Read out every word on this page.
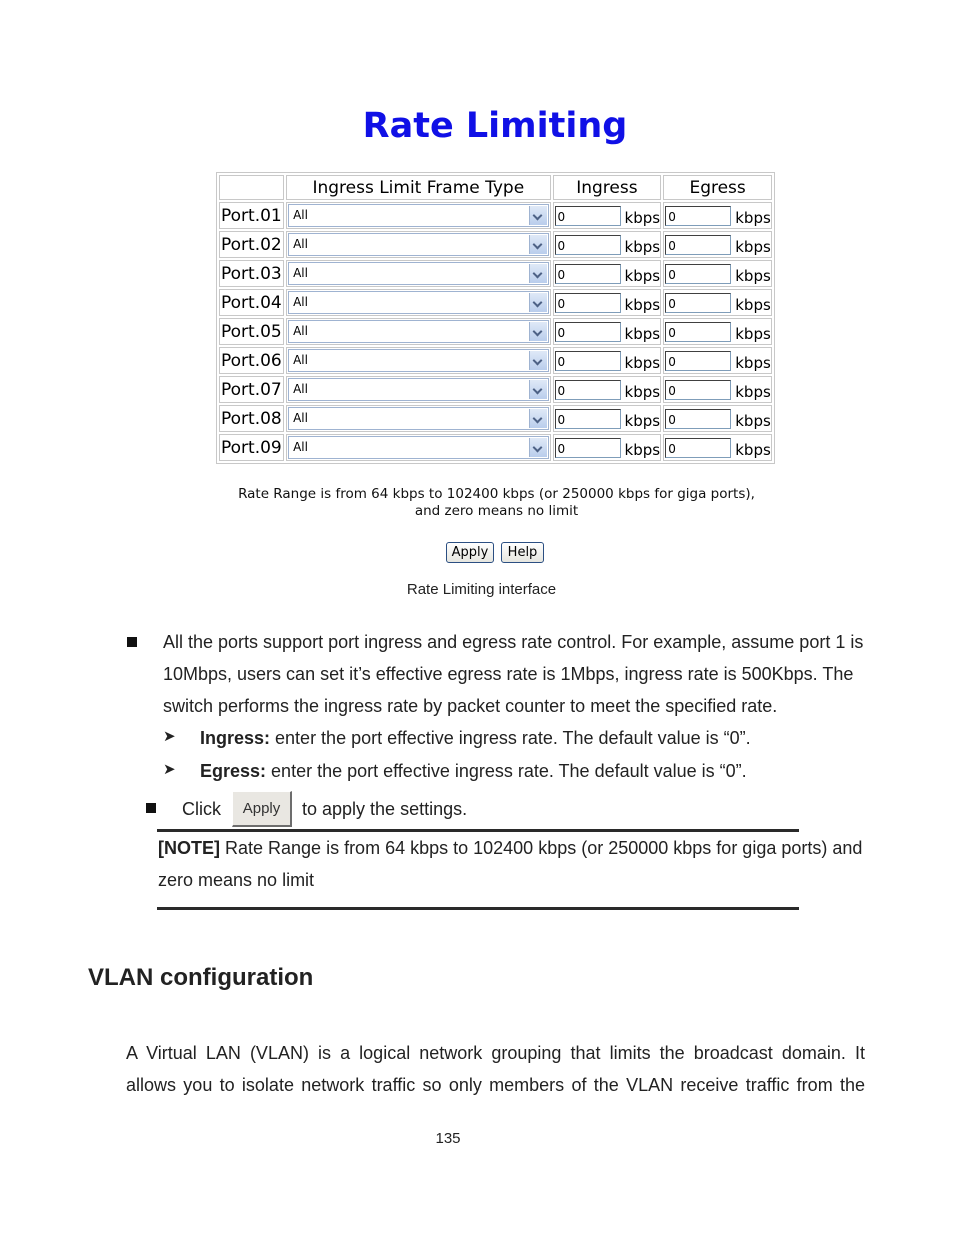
Rate Limiting
	Ingress Limit Frame Type	Ingress	Egress
Port.01	All	0 kbps	0 kbps

Port.02	All	0 kbps	0 kbps

Port.03	All	0 kbps	0 kbps

Port.04	All	0 kbps	0 kbps

Port.05	All	0 kbps	0 kbps

Port.06	All	0 kbps	0 kbps

Port.07	All	0 kbps	0 kbps

Port.08	All	0 kbps	0 kbps

Port.09	All	0 kbps	0 kbps
Rate Range is from 64 kbps to 102400 kbps (or 250000 kbps for giga ports),
and zero means no limit
Apply	Help
Rate Limiting interface
All the ports support port ingress and egress rate control. For example, assume port 1 is 10Mbps, users can set it’s effective egress rate is 1Mbps, ingress rate is 500Kbps. The switch performs the ingress rate by packet counter to meet the specified rate.
➤ Ingress: enter the port effective ingress rate. The default value is “0”.
➤ Egress: enter the port effective ingress rate. The default value is “0”.
Click	Apply	to apply the settings.
[NOTE] Rate Range is from 64 kbps to 102400 kbps (or 250000 kbps for giga ports) and zero means no limit
VLAN configuration
A Virtual LAN (VLAN) is a logical network grouping that limits the broadcast domain. It
allows you to isolate network traffic so only members of the VLAN receive traffic from the
135
